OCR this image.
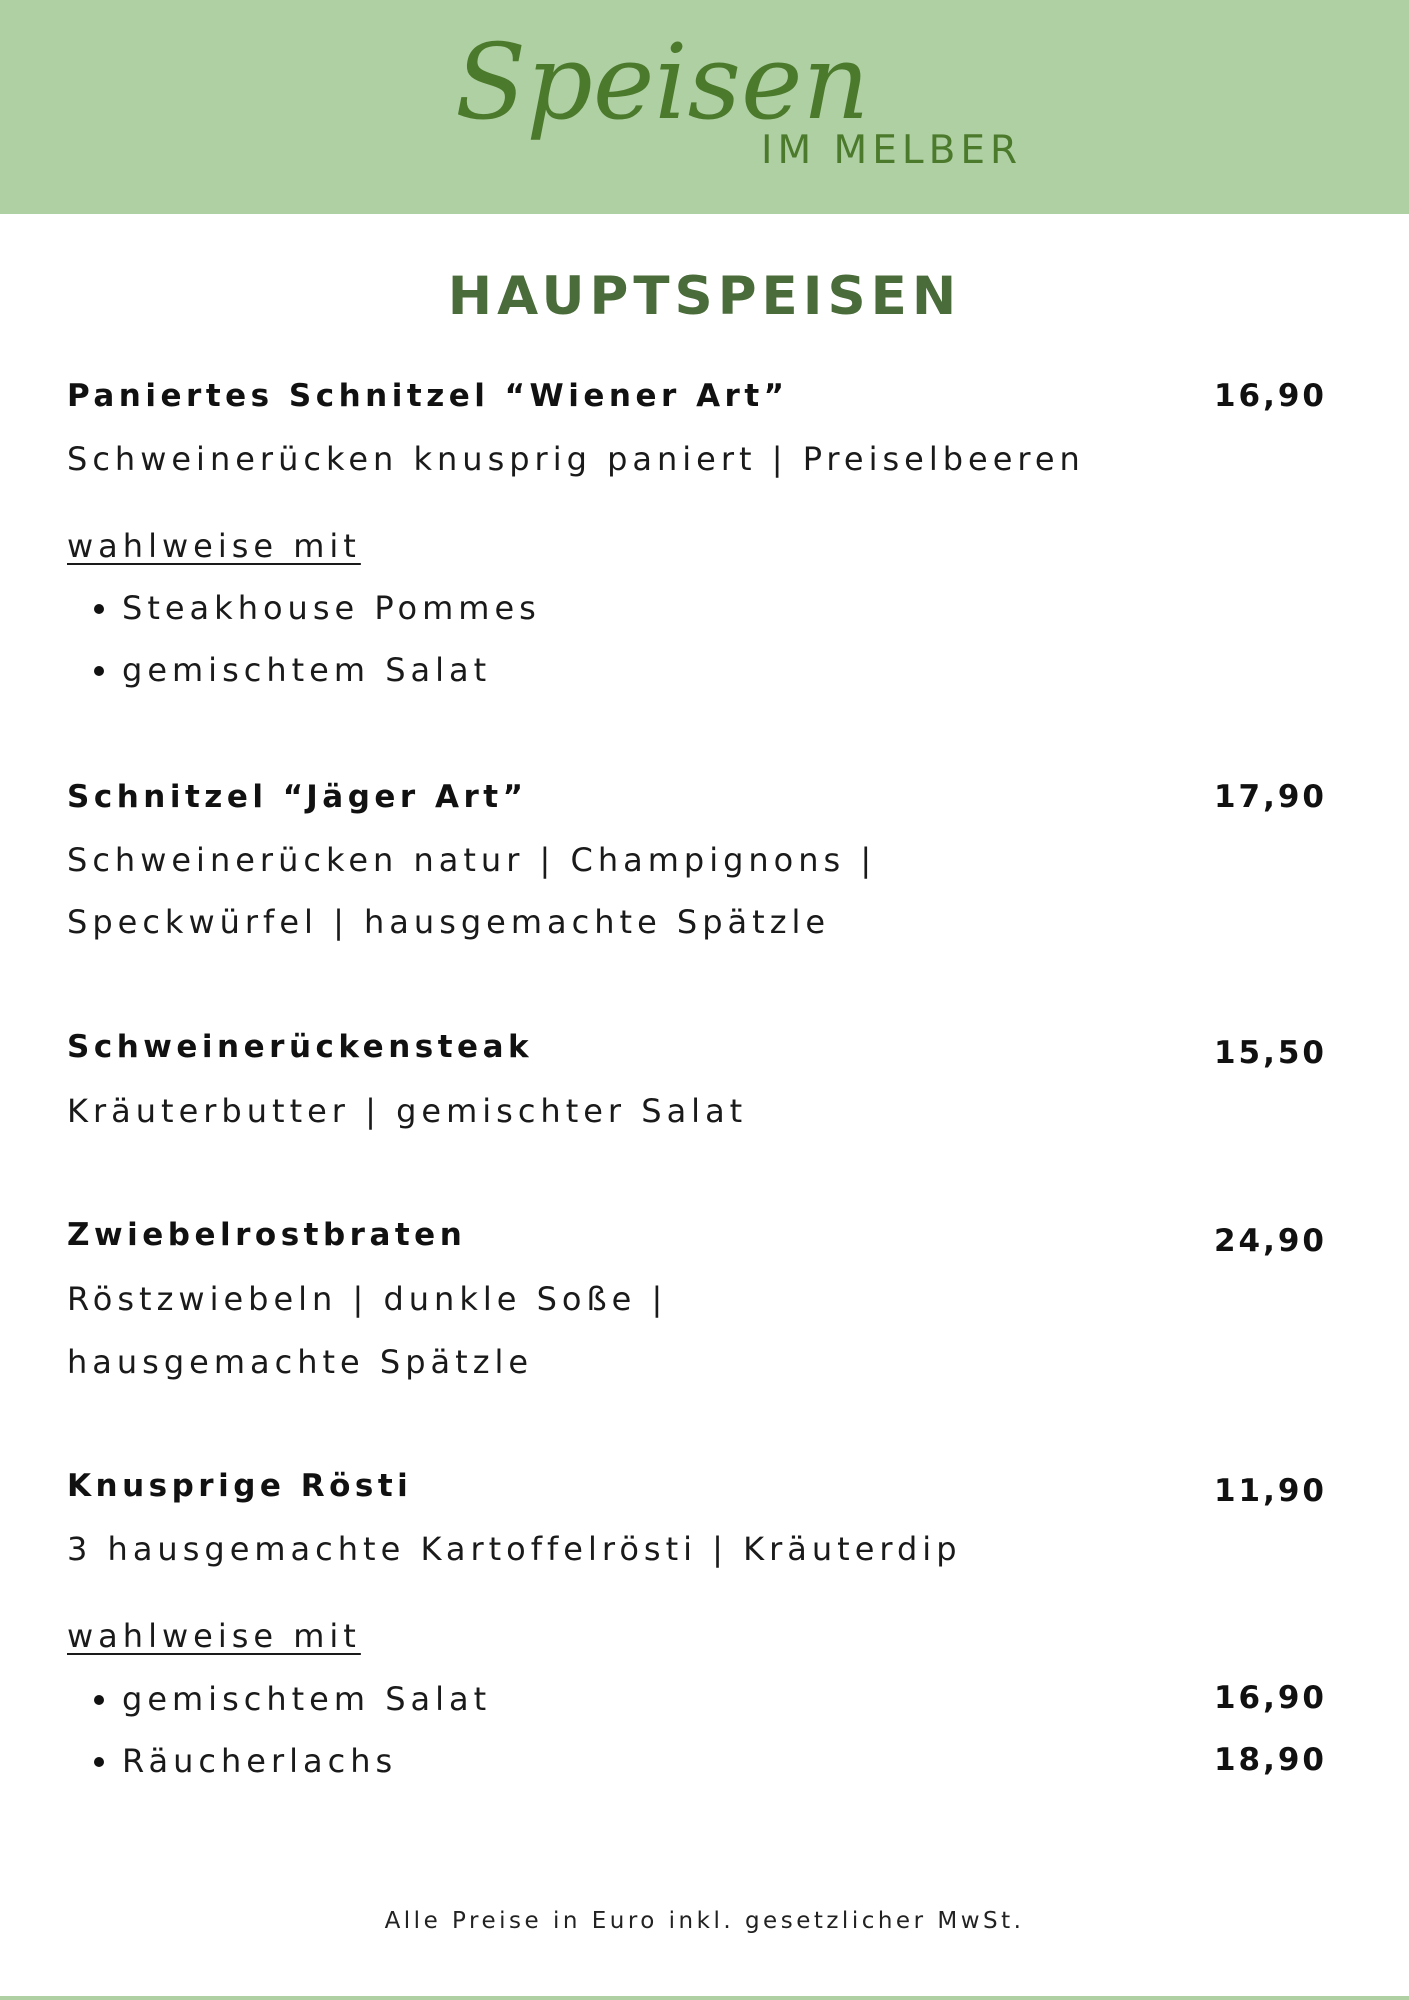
Speisen
IM MELBER
HAUPTSPEISEN
Paniertes Schnitzel “Wiener Art”	16,90
Schweinerücken knusprig paniert | Preiselbeeren
wahlweise mit
Steakhouse Pommes
gemischtem Salat
Schnitzel “Jäger Art”	17,90
Schweinerücken natur | Champignons |
Speckwürfel | hausgemachte Spätzle
Schweinerückensteak	15,50
Kräuterbutter | gemischter Salat
Zwiebelrostbraten	24,90
Röstzwiebeln | dunkle Soße |
hausgemachte Spätzle
Knusprige Rösti	11,90
3 hausgemachte Kartoffelrösti | Kräuterdip
wahlweise mit
gemischtem Salat	16,90
Räucherlachs	18,90
Alle Preise in Euro inkl. gesetzlicher MwSt.
